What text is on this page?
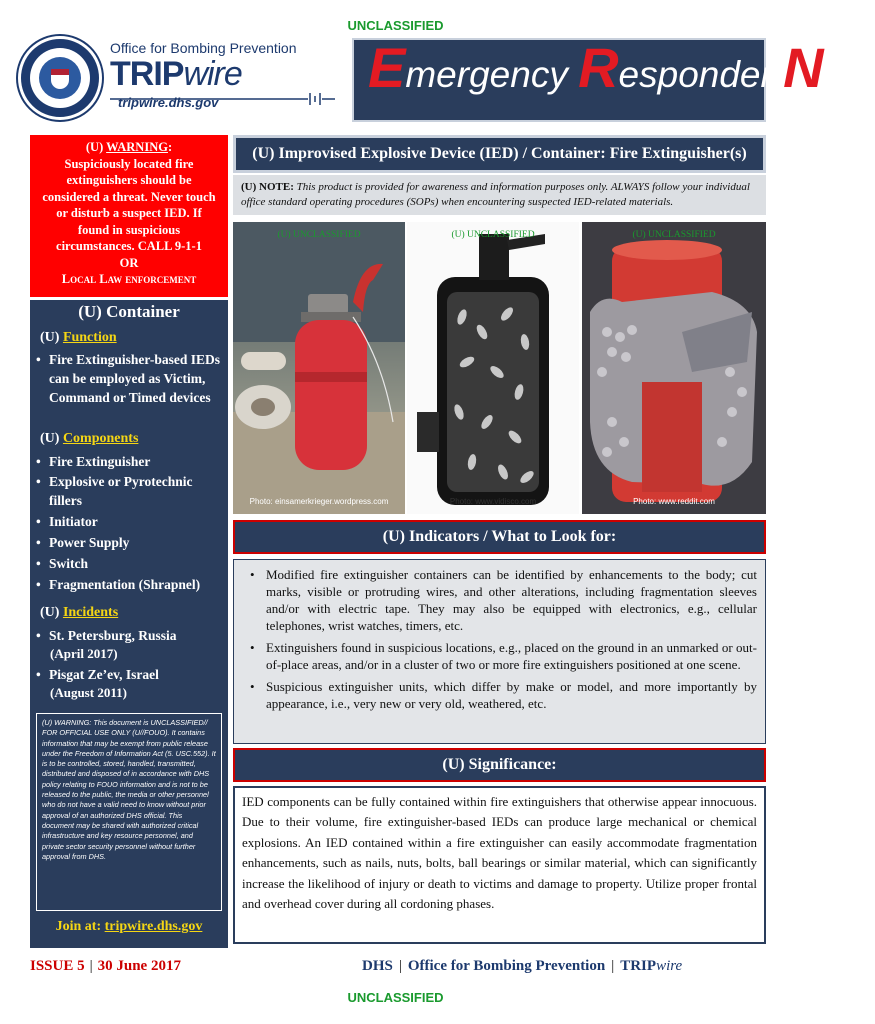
UNCLASSIFIED
Office for Bombing Prevention
TRIPwire
tripwire.dhs.gov
Emergency Responder Note
(U) WARNING:
Suspiciously located fire extinguishers should be considered a threat. Never touch or disturb a suspect IED. If found in suspicious circumstances. CALL 9-1-1
OR
Local Law enforcement
(U) Container
(U) Function
• Fire Extinguisher-based IEDs can be employed as Victim, Command or Timed devices
(U) Components
• Fire Extinguisher
• Explosive or Pyrotechnic fillers
• Initiator
• Power Supply
• Switch
• Fragmentation (Shrapnel)
(U) Incidents
• St. Petersburg, Russia
(April 2017)
• Pisgat Ze’ev, Israel
(August 2011)
(U) WARNING: This document is UNCLASSIFIED// FOR OFFICIAL USE ONLY (U//FOUO). It contains information that may be exempt from public release under the Freedom of Information Act (5. USC.552). It is to be controlled, stored, handled, transmitted, distributed and disposed of in accordance with DHS policy relating to FOUO information and is not to be released to the public, the media or other personnel who do not have a valid need to know without prior approval of an authorized DHS official. This document may be shared with authorized critical infrastructure and key resource personnel, and private sector security personnel without further approval from DHS.
Join at: tripwire.dhs.gov
(U) Improvised Explosive Device (IED) / Container: Fire Extinguisher(s)
(U) NOTE: This product is provided for awareness and information purposes only. ALWAYS follow your individual office standard operating procedures (SOPs) when encountering suspected IED-related materials.
(U) UNCLASSIFIED
Photo: einsamerkrieger.wordpress.com
(U) UNCLASSIFIED
Photo: www.vidisco.com
(U) UNCLASSIFIED
Photo: www.reddit.com
(U) Indicators / What to Look for:
• Modified fire extinguisher containers can be identified by enhancements to the body; cut marks, visible or protruding wires, and other alterations, including fragmentation sleeves and/or with electric tape. They may also be equipped with electronics, e.g., cellular telephones, wrist watches, timers, etc.
• Extinguishers found in suspicious locations, e.g., placed on the ground in an unmarked or out-of-place areas, and/or in a cluster of two or more fire extinguishers positioned at one scene.
• Suspicious extinguisher units, which differ by make or model, and more importantly by appearance, i.e., very new or very old, weathered, etc.
(U) Significance:
IED components can be fully contained within fire extinguishers that otherwise appear innocuous. Due to their volume, fire extinguisher-based IEDs can produce large mechanical or chemical explosions. An IED contained within a fire extinguisher can easily accommodate fragmentation enhancements, such as nails, nuts, bolts, ball bearings or similar material, which can significantly increase the likelihood of injury or death to victims and damage to property. Utilize proper frontal and overhead cover during all cordoning phases.
ISSUE 5 | 30 June 2017	DHS | Office for Bombing Prevention | TRIPwire
UNCLASSIFIED
